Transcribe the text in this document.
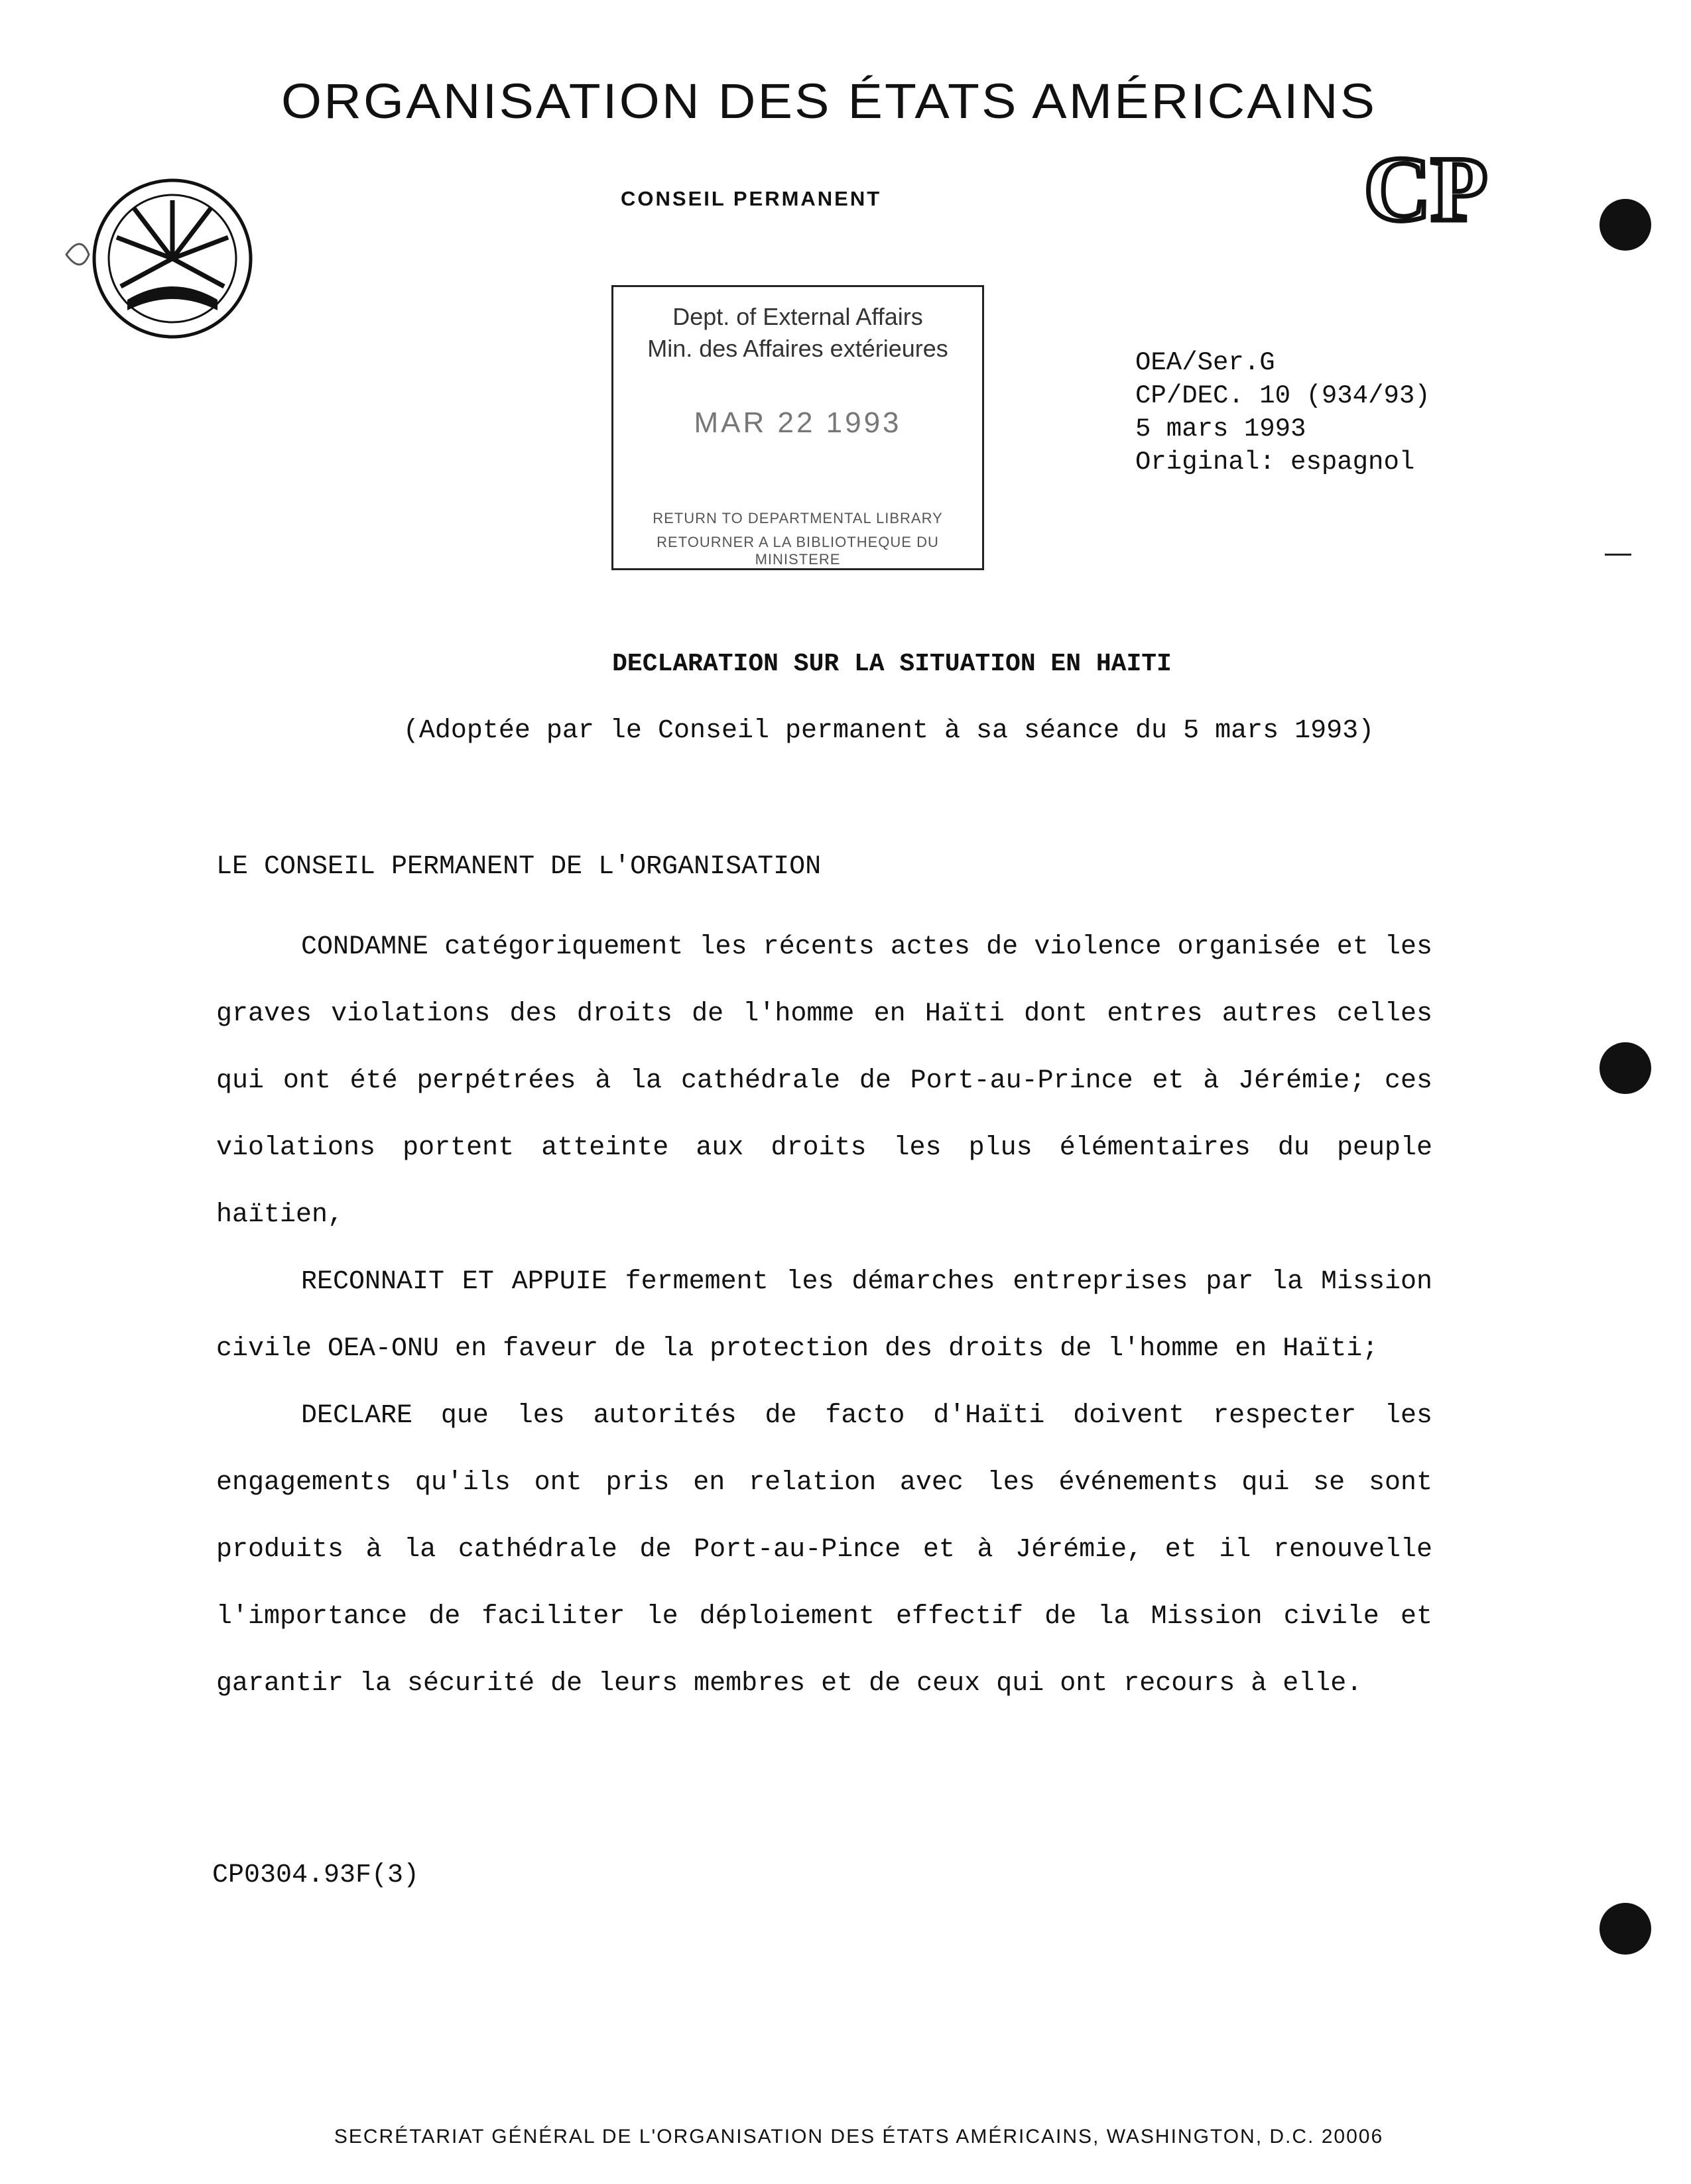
ORGANISATION DES ÉTATS AMÉRICAINS
CONSEIL PERMANENT	CP
Dept. of External Affairs
Min. des Affaires extérieures
MAR 22 1993
RETURN TO DEPARTMENTAL LIBRARY
RETOURNER A LA BIBLIOTHEQUE DU MINISTERE
OEA/Ser.G
CP/DEC. 10 (934/93)
5 mars 1993
Original: espagnol
DECLARATION SUR LA SITUATION EN HAITI
(Adoptée par le Conseil permanent à sa séance du 5 mars 1993)
LE CONSEIL PERMANENT DE L'ORGANISATION

CONDAMNE catégoriquement les récents actes de violence organisée et les graves violations des droits de l'homme en Haïti dont entres autres celles qui ont été perpétrées à la cathédrale de Port-au-Prince et à Jérémie; ces violations portent atteinte aux droits les plus élémentaires du peuple haïtien,

RECONNAIT ET APPUIE fermement les démarches entreprises par la Mission civile OEA-ONU en faveur de la protection des droits de l'homme en Haïti;

DECLARE que les autorités de facto d'Haïti doivent respecter les engagements qu'ils ont pris en relation avec les événements qui se sont produits à la cathédrale de Port-au-Pince et à Jérémie, et il renouvelle l'importance de faciliter le déploiement effectif de la Mission civile et garantir la sécurité de leurs membres et de ceux qui ont recours à elle.

CP0304.93F(3)
SECRÉTARIAT GÉNÉRAL DE L'ORGANISATION DES ÉTATS AMÉRICAINS, WASHINGTON, D.C. 20006
